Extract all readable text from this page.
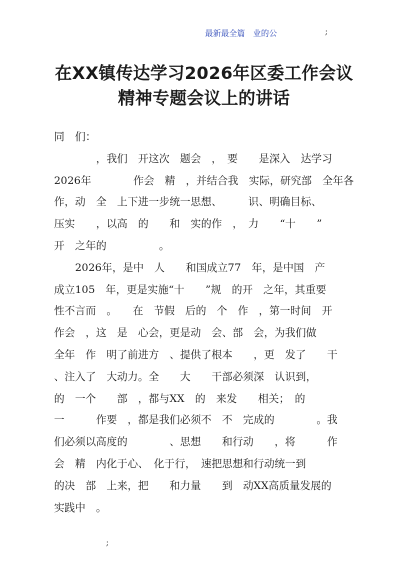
最新最全篇　业的公	;
在XX镇传达学习2026年区委工作会议
精神专题会议上的讲话
同　们：
　　　　，我们　开这次　题会　，　要　　是深入　达学习
2026年　　　　作会　精　，并结合我　实际，研究部　全年各
作，动　全　上下进一步统一思想、　　　识、明确目标、
压实　　，以高　的　　和　实的作　，　力　　“十　　”
开　之年的　　　　　。
　　2026年，是中　人　　和国成立77　年，是中国　产
成立105　年，更是实施“十　　”规　的开　之年，其重要
性不言而　。　　在　节假　后的　个　作　，第一时间　开
作会　，这　是　心会，更是动　会、部　会，为我们做
全年　作　明了前进方　、提供了根本　　，更　发了　　干
、注入了　大动力。全　　大　　干部必须深　认识到，
的　一个　　部　，都与XX　的　来发　　相关；　的
一　　　作要　，都是我们必须不　不　完成的　　　　。我
们必须以高度的　　　　、思想　　和行动　　，将　　　作
会　精　内化于心、　化于行，　速把思想和行动统一到
的决　部　上来，把　　和力量　　到　动XX高质量发展的
实践中　。
;
